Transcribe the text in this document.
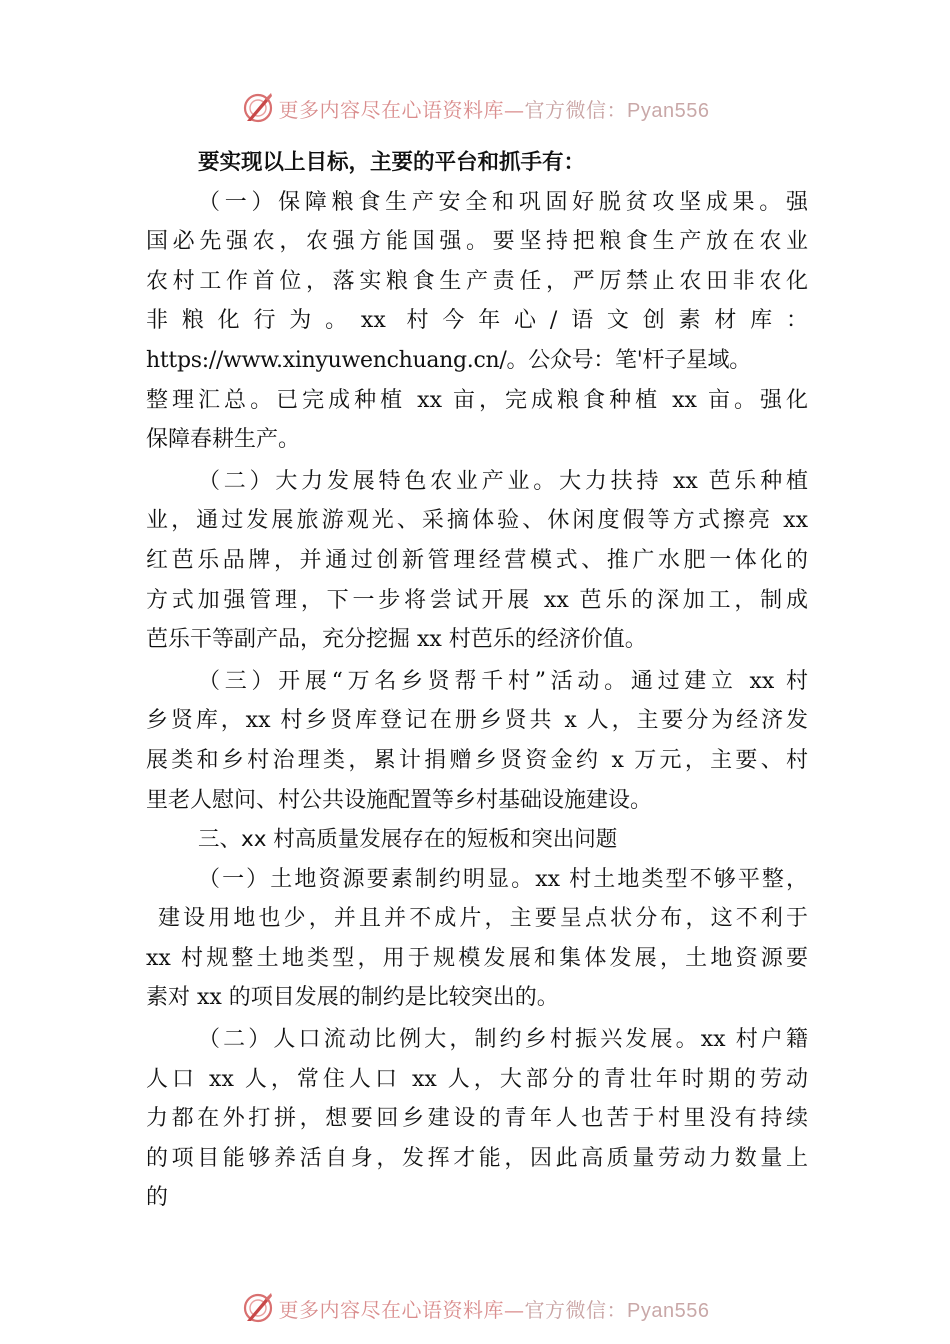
更多内容尽在心语资料库—官方微信：Pyan556
要实现以上目标，主要的平台和抓手有：
（一）保障粮食生产安全和巩固好脱贫攻坚成果。强
国必先强农，农强方能国强。要坚持把粮食生产放在农业
农村工作首位，落实粮食生产责任，严厉禁止农田非农化
非粮化行为。xx 村今年心/语文创素材库：
https://www.xinyuwenchuang.cn/。公众号：笔'杆子星域。
整理汇总。已完成种植 xx 亩，完成粮食种植 xx 亩。强化
保障春耕生产。
（二）大力发展特色农业产业。大力扶持 xx 芭乐种植
业，通过发展旅游观光、采摘体验、休闲度假等方式擦亮 xx
红芭乐品牌，并通过创新管理经营模式、推广水肥一体化的
方式加强管理，下一步将尝试开展 xx 芭乐的深加工，制成
芭乐干等副产品，充分挖掘 xx 村芭乐的经济价值。
（三）开展“万名乡贤帮千村”活动。通过建立 xx 村
乡贤库，xx 村乡贤库登记在册乡贤共 x 人，主要分为经济发
展类和乡村治理类，累计捐赠乡贤资金约 x 万元，主要、村
里老人慰问、村公共设施配置等乡村基础设施建设。
三、xx 村高质量发展存在的短板和突出问题
（一）土地资源要素制约明显。xx 村土地类型不够平整，
建设用地也少，并且并不成片，主要呈点状分布，这不利于
xx 村规整土地类型，用于规模发展和集体发展，土地资源要
素对 xx 的项目发展的制约是比较突出的。
（二）人口流动比例大，制约乡村振兴发展。xx 村户籍
人口 xx 人，常住人口 xx 人，大部分的青壮年时期的劳动
力都在外打拼，想要回乡建设的青年人也苦于村里没有持续
的项目能够养活自身，发挥才能，因此高质量劳动力数量上
的
更多内容尽在心语资料库—官方微信：Pyan556
